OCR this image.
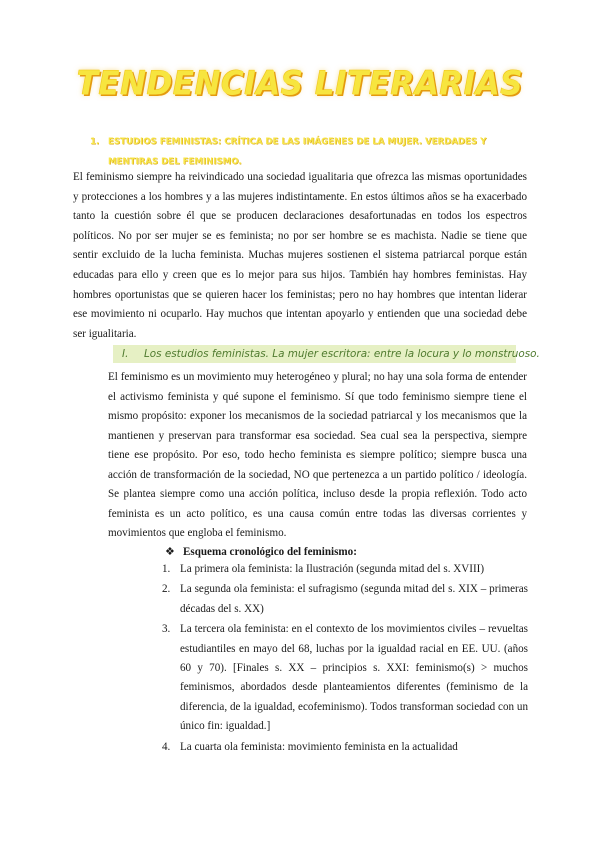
TENDENCIAS LITERARIAS
1.	ESTUDIOS FEMINISTAS: CRÍTICA DE LAS IMÁGENES DE LA MUJER. VERDADES Y MENTIRAS DEL FEMINISMO.

El feminismo siempre ha reivindicado una sociedad igualitaria que ofrezca las mismas oportunidades y protecciones a los hombres y a las mujeres indistintamente. En estos últimos años se ha exacerbado tanto la cuestión sobre él que se producen declaraciones desafortunadas en todos los espectros políticos. No por ser mujer se es feminista; no por ser hombre se es machista. Nadie se tiene que sentir excluido de la lucha feminista. Muchas mujeres sostienen el sistema patriarcal porque están educadas para ello y creen que es lo mejor para sus hijos. También hay hombres feministas. Hay hombres oportunistas que se quieren hacer los feministas; pero no hay hombres que intentan liderar ese movimiento ni ocuparlo. Hay muchos que intentan apoyarlo y entienden que una sociedad debe ser igualitaria.

I. Los estudios feministas. La mujer escritora: entre la locura y lo monstruoso.

El feminismo es un movimiento muy heterogéneo y plural; no hay una sola forma de entender el activismo feminista y qué supone el feminismo. Sí que todo feminismo siempre tiene el mismo propósito: exponer los mecanismos de la sociedad patriarcal y los mecanismos que la mantienen y preservan para transformar esa sociedad. Sea cual sea la perspectiva, siempre tiene ese propósito. Por eso, todo hecho feminista es siempre político; siempre busca una acción de transformación de la sociedad, NO que pertenezca a un partido político / ideología. Se plantea siempre como una acción política, incluso desde la propia reflexión. Todo acto feminista es un acto político, es una causa común entre todas las diversas corrientes y movimientos que engloba el feminismo.

❖ Esquema cronológico del feminismo:
1. La primera ola feminista: la Ilustración (segunda mitad del s. XVIII)
2. La segunda ola feminista: el sufragismo (segunda mitad del s. XIX – primeras décadas del s. XX)
3. La tercera ola feminista: en el contexto de los movimientos civiles – revueltas estudiantiles en mayo del 68, luchas por la igualdad racial en EE. UU. (años 60 y 70). [Finales s. XX – principios s. XXI: feminismo(s) > muchos feminismos, abordados desde planteamientos diferentes (feminismo de la diferencia, de la igualdad, ecofeminismo). Todos transforman sociedad con un único fin: igualdad.]
4. La cuarta ola feminista: movimiento feminista en la actualidad
